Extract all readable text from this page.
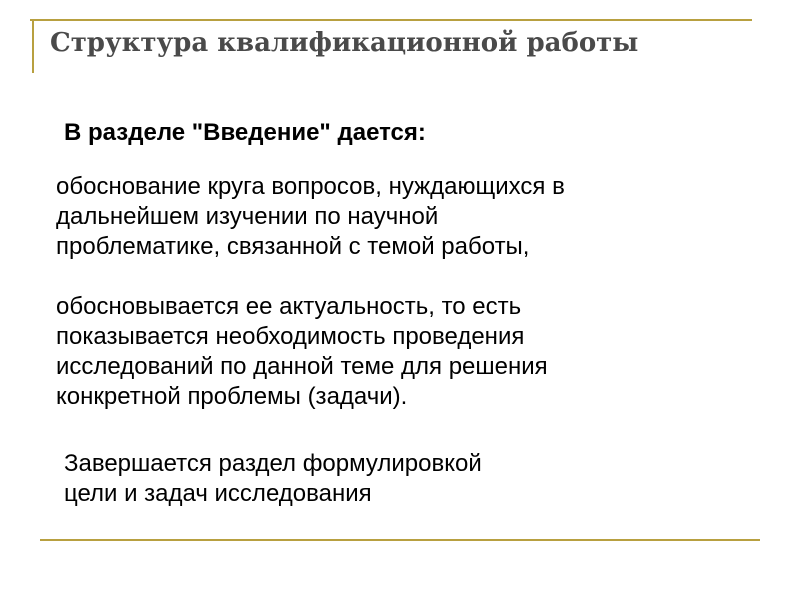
Структура квалификационной работы

В разделе "Введение" дается:

обоснование круга вопросов, нуждающихся в
дальнейшем изучении по научной
проблематике, связанной с темой работы,

обосновывается ее актуальность, то есть
показывается необходимость проведения
исследований по данной теме для решения
конкретной проблемы (задачи).

Завершается раздел формулировкой
цели и задач исследования
